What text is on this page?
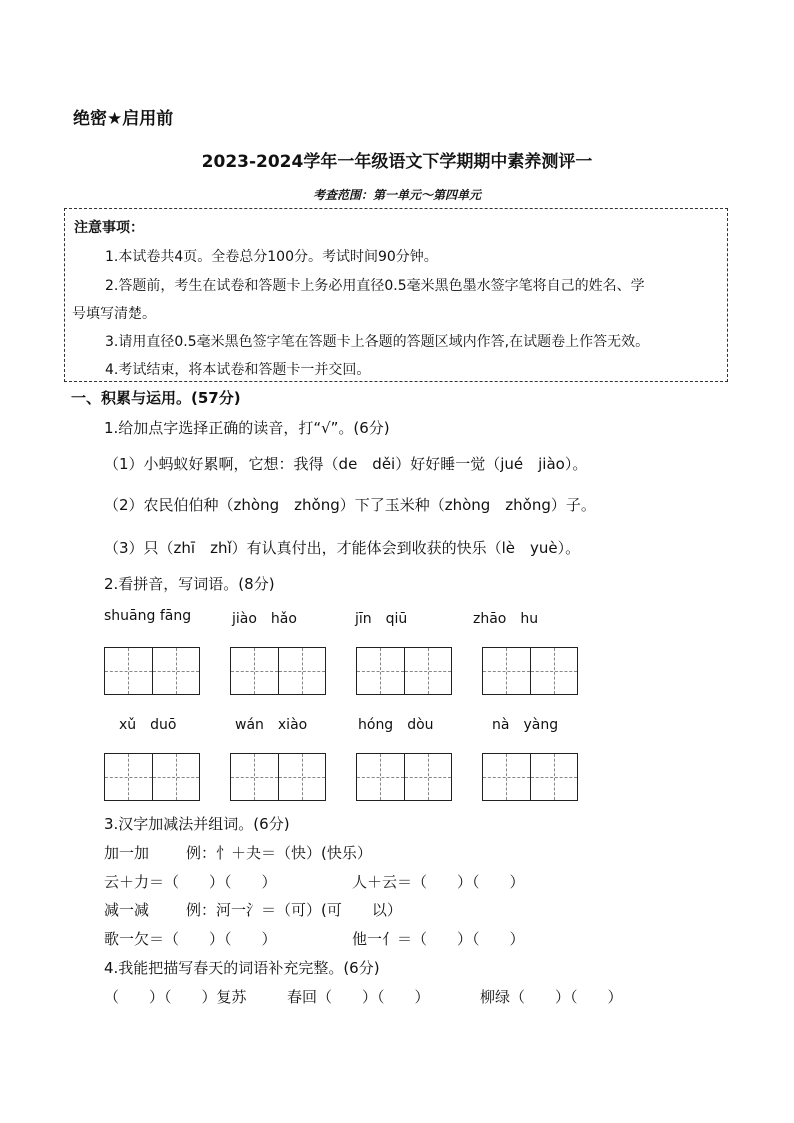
绝密★启用前
2023-2024学年一年级语文下学期期中素养测评一
考查范围：第一单元～第四单元
注意事项：
1.本试卷共4页。全卷总分100分。考试时间90分钟。
2.答题前，考生在试卷和答题卡上务必用直径0.5毫米黑色墨水签字笔将自己的姓名、学
号填写清楚。
3.请用直径0.5毫米黑色签字笔在答题卡上各题的答题区域内作答,在试题卷上作答无效。
4.考试结束，将本试卷和答题卡一并交回。
一、积累与运用。(57分)
1.给加点字选择正确的读音，打“√”。(6分)
（1）小蚂蚁好累啊，它想：我得（de　děi）好好睡一觉（jué　jiào）。
（2）农民伯伯种（zhòng　zhǒng）下了玉米种（zhòng　zhǒng）子。
（3）只（zhī　zhǐ）有认真付出，才能体会到收获的快乐（lè　yuè）。
2.看拼音，写词语。(8分)
shuāng fāng	jiào　hǎo	jīn　qiū	zhāo　hu
xǔ　duō	wán　xiào	hóng　dòu	nà　yàng
3.汉字加减法并组词。(6分)
加一加 例：忄＋夬＝（快）(快乐）
云＋力＝（　　）（　　）	人＋云＝（　　）（　　）
减一减 例：河一氵＝（可）(可　　以）
歌一欠＝（　　）（　　）	他一亻＝（　　）（　　）
4.我能把描写春天的词语补充完整。(6分)
（　　）（　　）复苏	春回（　　）（　　）	柳绿（　　）（　　）
